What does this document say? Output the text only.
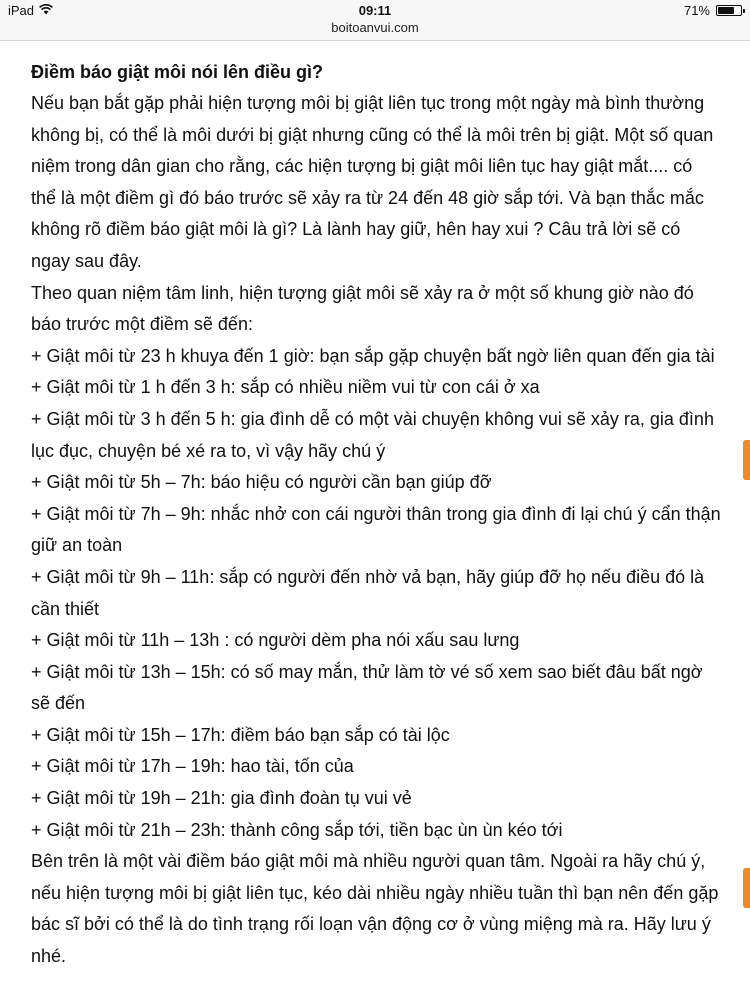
iPad	09:11	71%
boitoanvui.com
Điềm báo giật môi nói lên điều gì?

Nếu bạn bắt gặp phải hiện tượng môi bị giật liên tục trong một ngày mà bình thường không bị, có thể là môi dưới bị giật nhưng cũng có thể là môi trên bị giật. Một số quan niệm trong dân gian cho rằng, các hiện tượng bị giật môi liên tục hay giật mắt.... có thể là một điềm gì đó báo trước sẽ xảy ra từ 24 đến 48 giờ sắp tới. Và bạn thắc mắc không rõ điềm báo giật môi là gì? Là lành hay giữ, hên hay xui ? Câu trả lời sẽ có ngay sau đây.

Theo quan niệm tâm linh, hiện tượng giật môi sẽ xảy ra ở một số khung giờ nào đó báo trước một điềm sẽ đến:

+ Giật môi từ 23 h khuya đến 1 giờ: bạn sắp gặp chuyện bất ngờ liên quan đến gia tài

+ Giật môi từ 1 h đến 3 h: sắp có nhiều niềm vui từ con cái ở xa

+ Giật môi từ 3 h đến 5 h: gia đình dễ có một vài chuyện không vui sẽ xảy ra, gia đình lục đục, chuyện bé xé ra to, vì vậy hãy chú ý

+ Giật môi từ 5h – 7h: báo hiệu có người cần bạn giúp đỡ

+ Giật môi từ 7h – 9h: nhắc nhở con cái người thân trong gia đình đi lại chú ý cẩn thận giữ an toàn

+ Giật môi từ 9h – 11h: sắp có người đến nhờ vả bạn, hãy giúp đỡ họ nếu điều đó là cần thiết

+ Giật môi từ 11h – 13h : có người dèm pha nói xấu sau lưng

+ Giật môi từ 13h – 15h: có số may mắn, thử làm tờ vé số xem sao biết đâu bất ngờ sẽ đến

+ Giật môi từ 15h – 17h: điềm báo bạn sắp có tài lộc

+ Giật môi từ 17h – 19h: hao tài, tốn của

+ Giật môi từ 19h – 21h: gia đình đoàn tụ vui vẻ

+ Giật môi từ 21h – 23h: thành công sắp tới, tiền bạc ùn ùn kéo tới

Bên trên là một vài điềm báo giật môi mà nhiều người quan tâm. Ngoài ra hãy chú ý, nếu hiện tượng môi bị giật liên tục, kéo dài nhiều ngày nhiều tuần thì bạn nên đến gặp bác sĩ bởi có thể là do tình trạng rối loạn vận động cơ ở vùng miệng mà ra. Hãy lưu ý nhé.
